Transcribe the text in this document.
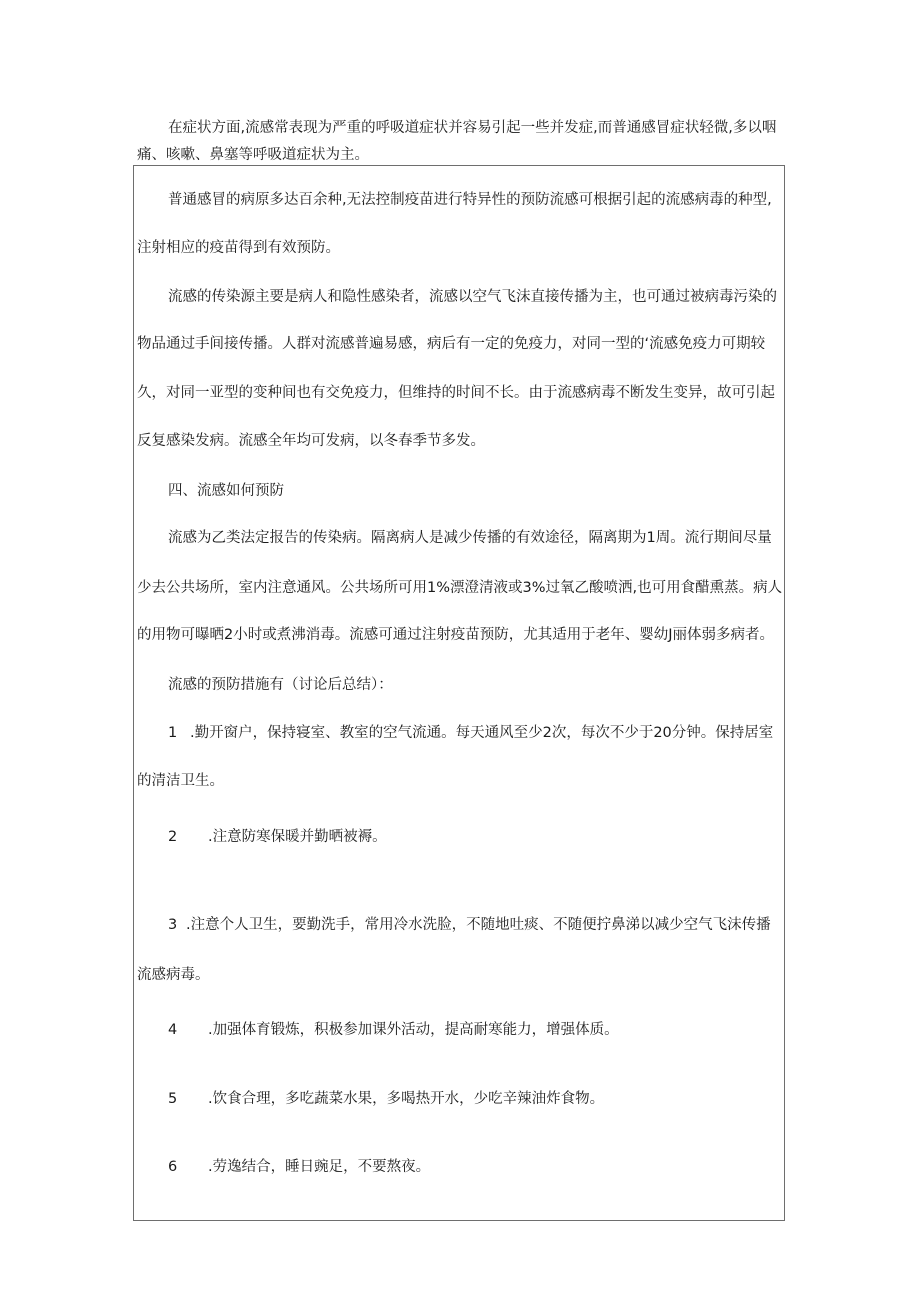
在症状方面,流感常表现为严重的呼吸道症状并容易引起一些并发症,而普通感冒症状轻微,多以咽

痛、咳嗽、鼻塞等呼吸道症状为主。

普通感冒的病原多达百余种,无法控制疫苗进行特异性的预防流感可根据引起的流感病毒的种型,

注射相应的疫苗得到有效预防。

流感的传染源主要是病人和隐性感染者，流感以空气飞沫直接传播为主，也可通过被病毒污染的

物品通过手间接传播。人群对流感普遍易感，病后有一定的免疫力，对同一型的‘流感免疫力可期较

久，对同一亚型的变种间也有交免疫力，但维持的时间不长。由于流感病毒不断发生变异，故可引起

反复感染发病。流感全年均可发病，以冬春季节多发。

四、流感如何预防

流感为乙类法定报告的传染病。隔离病人是减少传播的有效途径，隔离期为1周。流行期间尽量

少去公共场所，室内注意通风。公共场所可用1%漂澄清液或3%过氧乙酸喷洒,也可用食醋熏蒸。病人

的用物可曝晒2小时或煮沸消毒。流感可通过注射疫苗预防，尤其适用于老年、婴幼J丽体弱多病者。

流感的预防措施有（讨论后总结）：

1 .勤开窗户，保持寝室、教室的空气流通。每天通风至少2次，每次不少于20分钟。保持居室

的清洁卫生。

2 .注意防寒保暖并勤晒被褥。

3 .注意个人卫生，要勤洗手，常用冷水洗脸，不随地吐痰、不随便拧鼻涕以减少空气飞沫传播

流感病毒。

4 .加强体育锻炼，积极参加课外活动，提高耐寒能力，增强体质。

5 .饮食合理，多吃蔬菜水果，多喝热开水，少吃辛辣油炸食物。

6 .劳逸结合，睡日豌足，不要熬夜。
